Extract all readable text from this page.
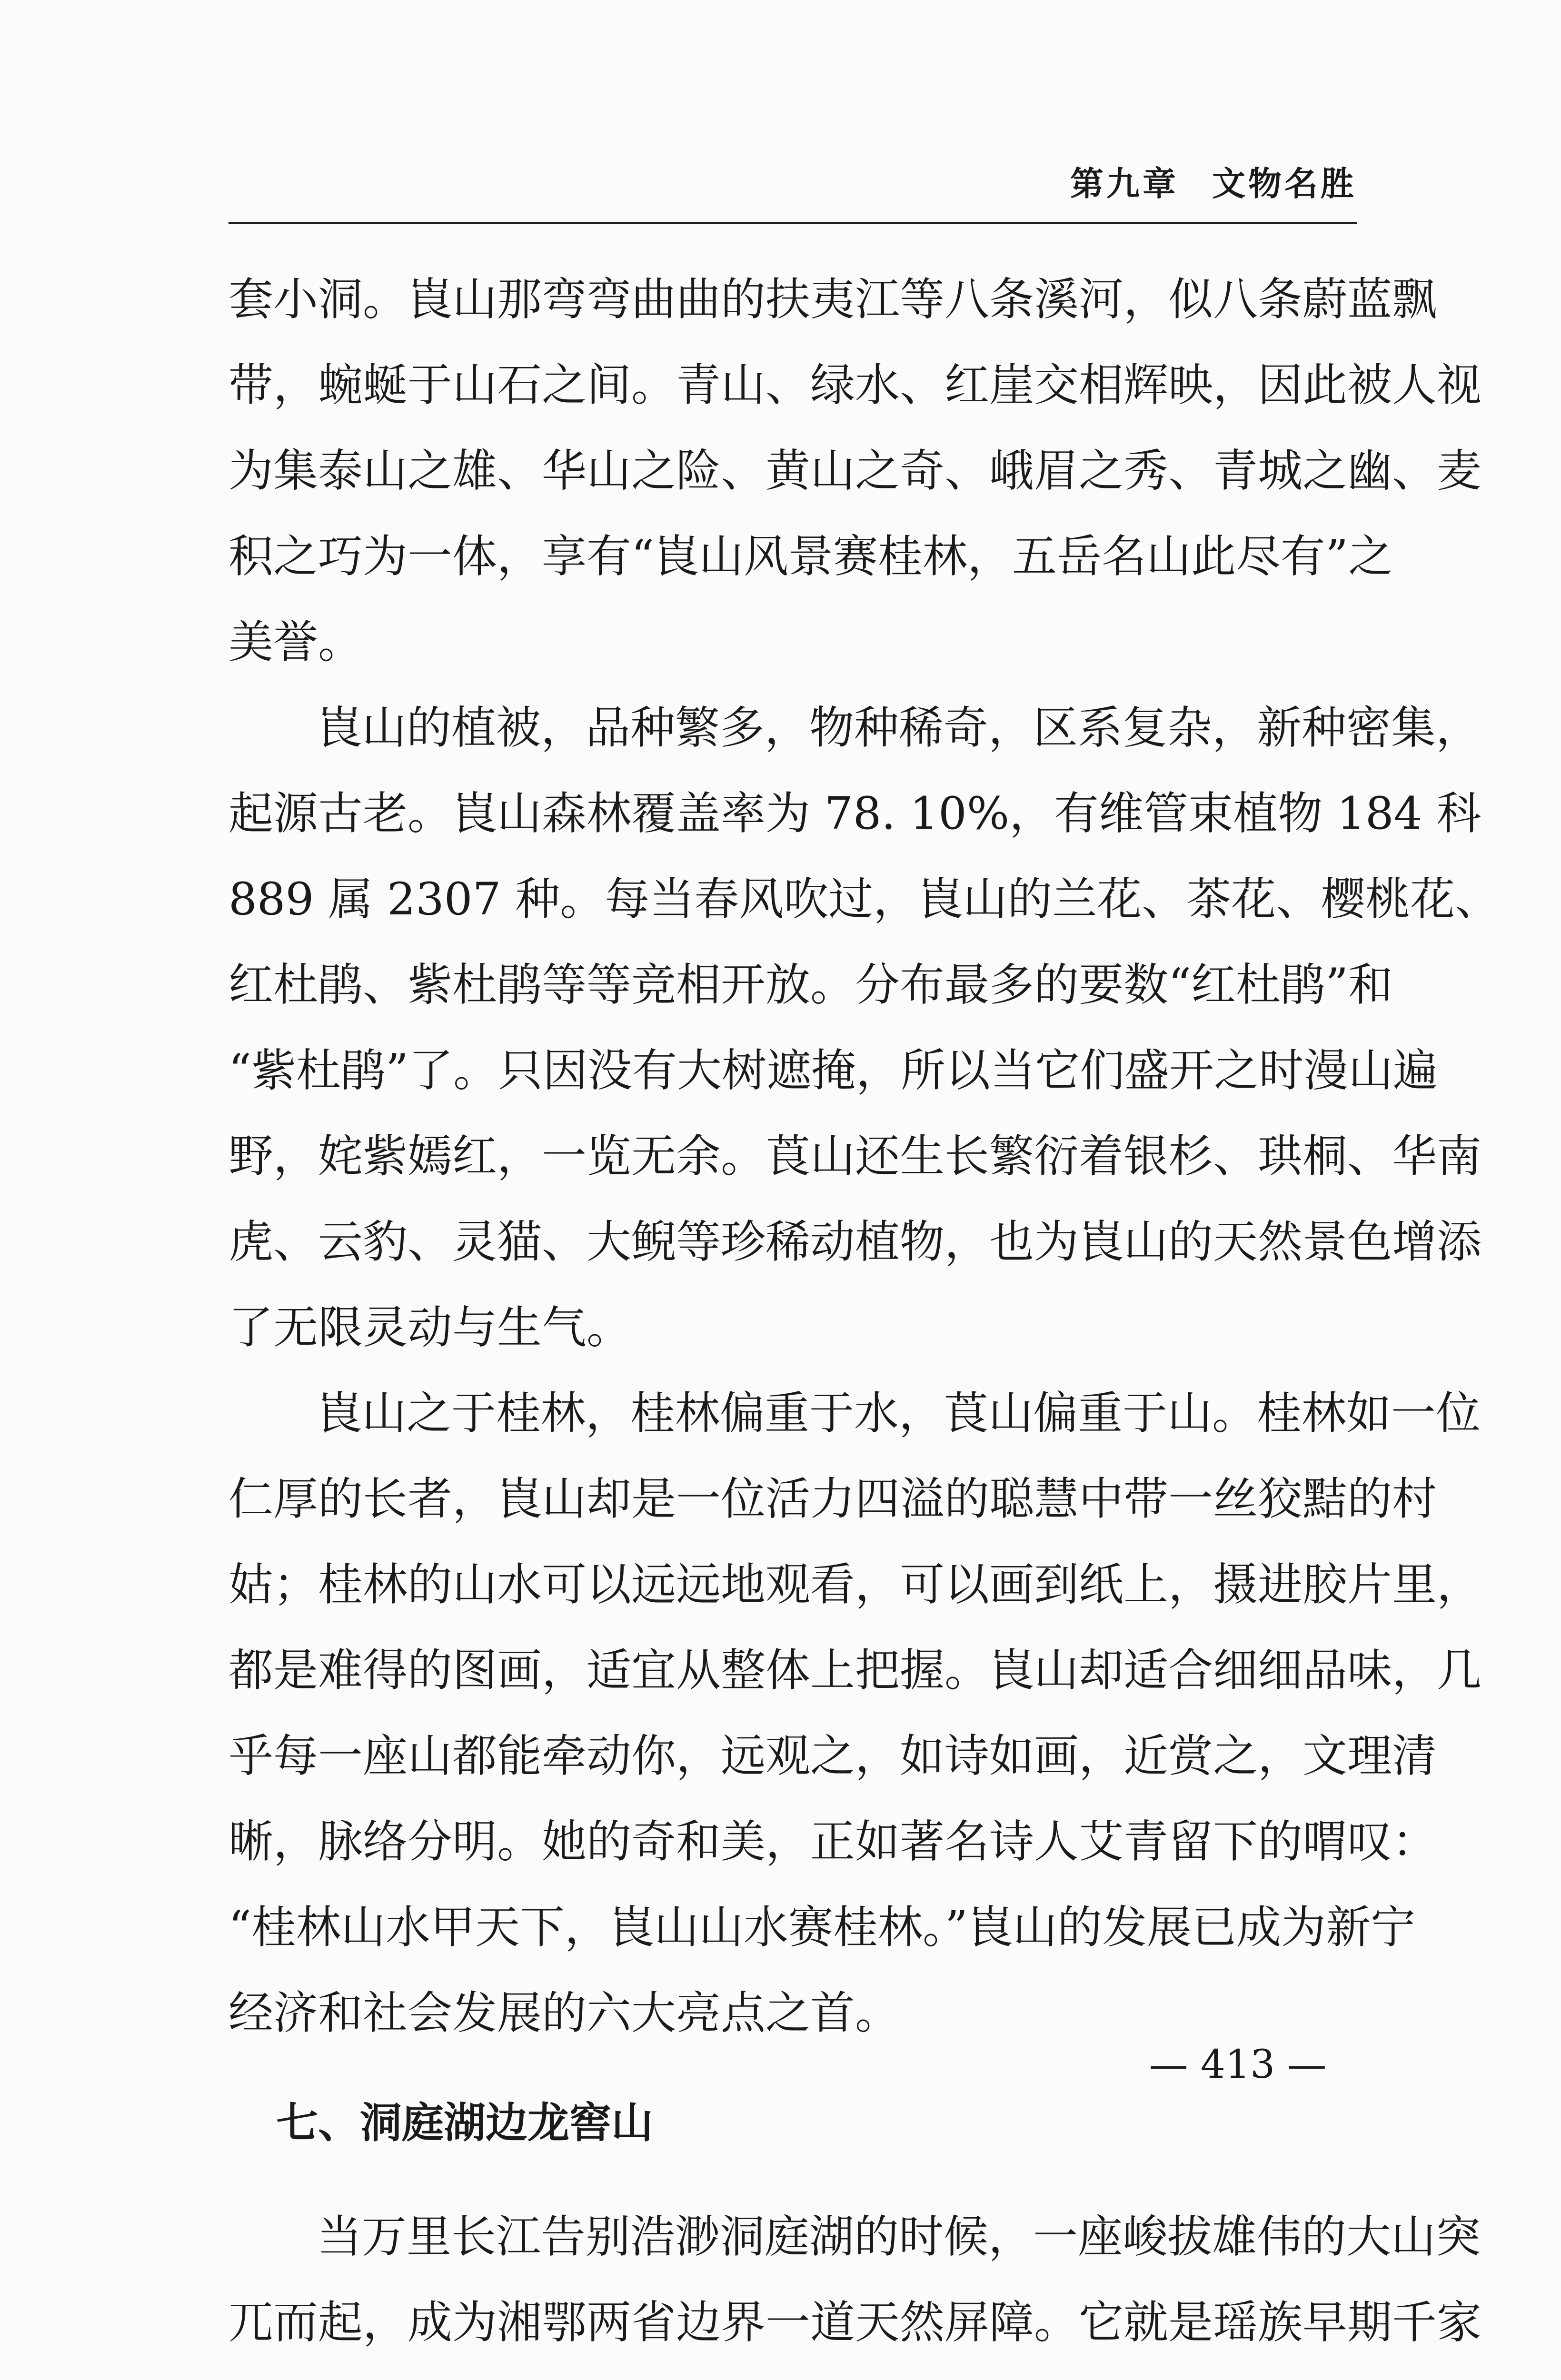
第九章 文物名胜
套小洞。崀山那弯弯曲曲的扶夷江等八条溪河，似八条蔚蓝飘
带，蜿蜒于山石之间。青山、绿水、红崖交相辉映，因此被人视
为集泰山之雄、华山之险、黄山之奇、峨眉之秀、青城之幽、麦
积之巧为一体，享有“崀山风景赛桂林，五岳名山此尽有”之
美誉。
崀山的植被，品种繁多，物种稀奇，区系复杂，新种密集，
起源古老。崀山森林覆盖率为 78. 10%，有维管束植物 184 科
889 属 2307 种。每当春风吹过，崀山的兰花、茶花、樱桃花、
红杜鹃、紫杜鹃等等竞相开放。分布最多的要数“红杜鹃”和
“紫杜鹃”了。只因没有大树遮掩，所以当它们盛开之时漫山遍
野，姹紫嫣红，一览无余。莨山还生长繁衍着银杉、珙桐、华南
虎、云豹、灵猫、大鲵等珍稀动植物，也为崀山的天然景色增添
了无限灵动与生气。
崀山之于桂林，桂林偏重于水，莨山偏重于山。桂林如一位
仁厚的长者，崀山却是一位活力四溢的聪慧中带一丝狡黠的村
姑；桂林的山水可以远远地观看，可以画到纸上，摄进胶片里，
都是难得的图画，适宜从整体上把握。崀山却适合细细品味，几
乎每一座山都能牵动你，远观之，如诗如画，近赏之，文理清
晰，脉络分明。她的奇和美，正如著名诗人艾青留下的喟叹：
“桂林山水甲天下，崀山山水赛桂林。”崀山的发展已成为新宁
经济和社会发展的六大亮点之首。
七、洞庭湖边龙窖山
当万里长江告别浩渺洞庭湖的时候，一座峻拔雄伟的大山突
兀而起，成为湘鄂两省边界一道天然屏障。它就是瑶族早期千家
— 413 —
